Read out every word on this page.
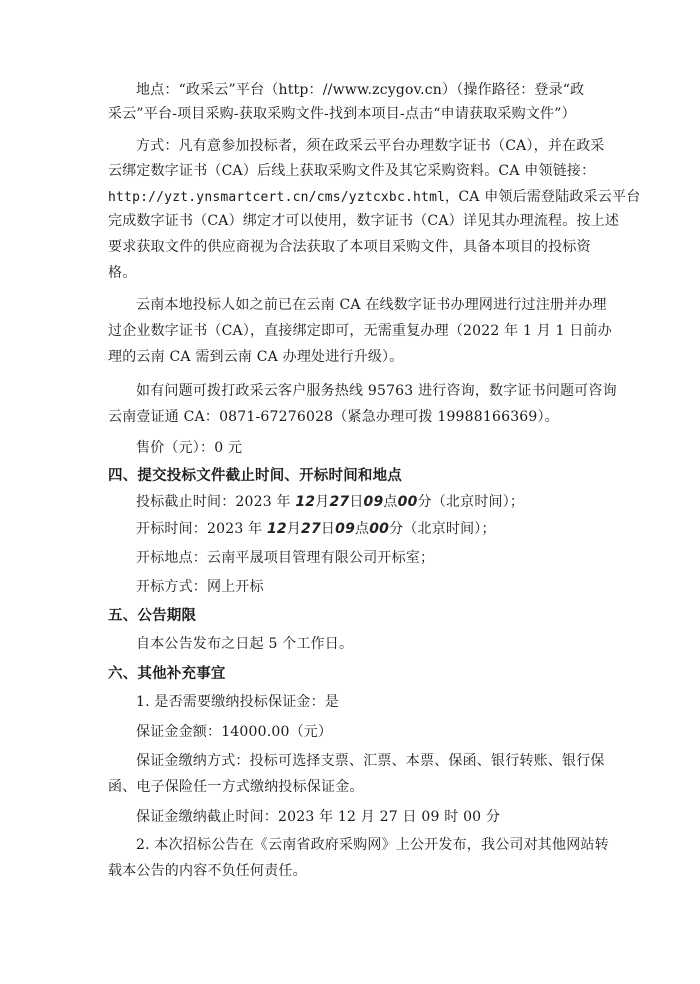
地点：“政采云”平台（http：//www.zcygov.cn）（操作路径：登录“政
采云”平台-项目采购-获取采购文件-找到本项目-点击“申请获取采购文件”）
方式：凡有意参加投标者，须在政采云平台办理数字证书（CA），并在政采
云绑定数字证书（CA）后线上获取采购文件及其它采购资料。CA 申领链接：
http://yzt.ynsmartcert.cn/cms/yztcxbc.html，CA 申领后需登陆政采云平台
完成数字证书（CA）绑定才可以使用，数字证书（CA）详见其办理流程。按上述
要求获取文件的供应商视为合法获取了本项目采购文件，具备本项目的投标资
格。
云南本地投标人如之前已在云南 CA 在线数字证书办理网进行过注册并办理
过企业数字证书（CA），直接绑定即可，无需重复办理（2022 年 1 月 1 日前办
理的云南 CA 需到云南 CA 办理处进行升级）。
如有问题可拨打政采云客户服务热线 95763 进行咨询，数字证书问题可咨询
云南壹证通 CA：0871-67276028（紧急办理可拨 19988166369）。
售价（元）：0 元
四、提交投标文件截止时间、开标时间和地点
投标截止时间：2023 年 12月27日09点00分（北京时间）；
开标时间：2023 年 12月27日09点00分（北京时间）；
开标地点：云南平晟项目管理有限公司开标室；
开标方式：网上开标
五、公告期限
自本公告发布之日起 5 个工作日。
六、其他补充事宜
1. 是否需要缴纳投标保证金：是
保证金金额：14000.00（元）
保证金缴纳方式：投标可选择支票、汇票、本票、保函、银行转账、银行保
函、电子保险任一方式缴纳投标保证金。
保证金缴纳截止时间：2023 年 12 月 27 日 09 时 00 分
2. 本次招标公告在《云南省政府采购网》上公开发布，我公司对其他网站转
载本公告的内容不负任何责任。
